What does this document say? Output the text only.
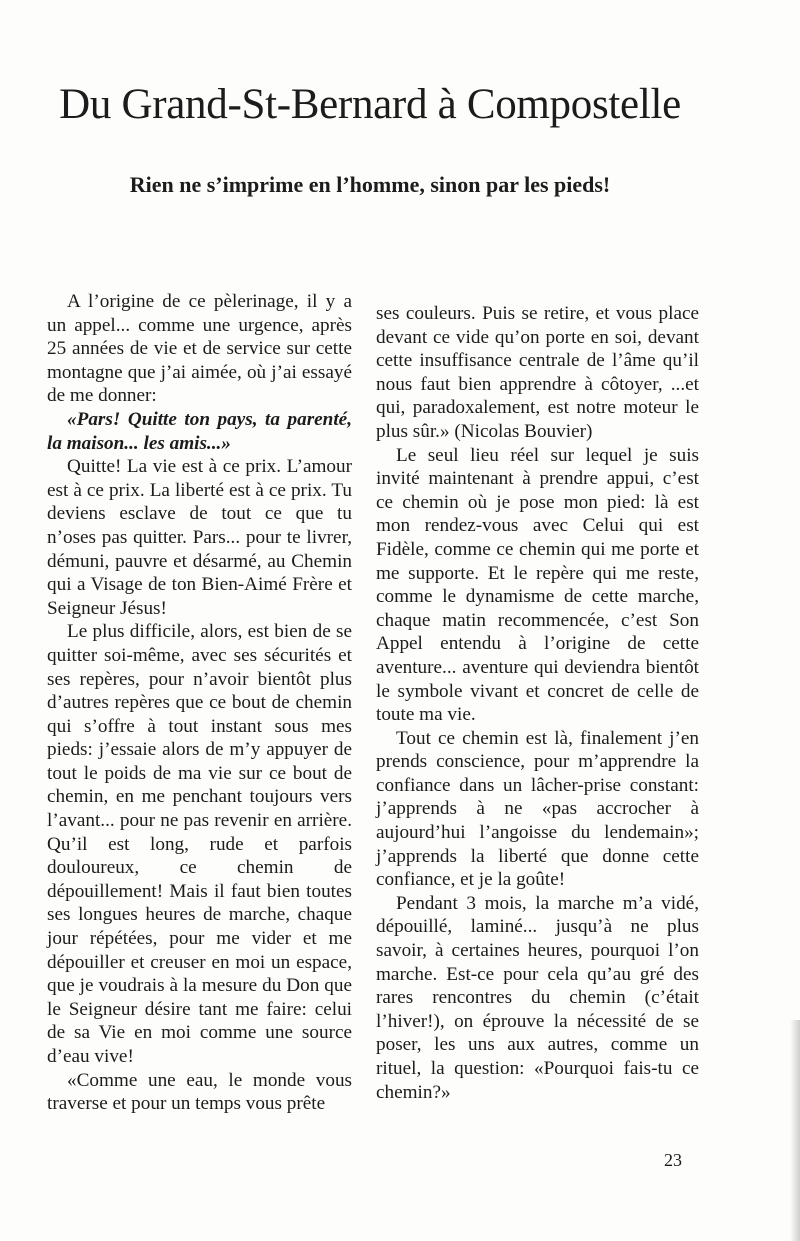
Du Grand-St-Bernard à Compostelle
Rien ne s’imprime en l’homme, sinon par les pieds!

A l’origine de ce pèlerinage, il y a un appel... comme une urgence, après 25 années de vie et de service sur cette montagne que j’ai aimée, où j’ai essayé de me donner:

«Pars! Quitte ton pays, ta parenté, la maison... les amis...»

Quitte! La vie est à ce prix. L’amour est à ce prix. La liberté est à ce prix. Tu deviens esclave de tout ce que tu n’oses pas quitter. Pars... pour te livrer, démuni, pauvre et désarmé, au Chemin qui a Visage de ton Bien-Aimé Frère et Seigneur Jésus!

Le plus difficile, alors, est bien de se quitter soi-même, avec ses sécurités et ses repères, pour n’avoir bientôt plus d’autres repères que ce bout de chemin qui s’offre à tout instant sous mes pieds: j’essaie alors de m’y appuyer de tout le poids de ma vie sur ce bout de chemin, en me penchant toujours vers l’avant... pour ne pas revenir en arrière. Qu’il est long, rude et parfois douloureux, ce chemin de dépouillement! Mais il faut bien toutes ses longues heures de marche, chaque jour répétées, pour me vider et me dépouiller et creuser en moi un espace, que je voudrais à la mesure du Don que le Seigneur désire tant me faire: celui de sa Vie en moi comme une source d’eau vive!

«Comme une eau, le monde vous traverse et pour un temps vous prête

ses couleurs. Puis se retire, et vous place devant ce vide qu’on porte en soi, devant cette insuffisance centrale de l’âme qu’il nous faut bien apprendre à côtoyer, ...et qui, paradoxalement, est notre moteur le plus sûr.» (Nicolas Bouvier)

Le seul lieu réel sur lequel je suis invité maintenant à prendre appui, c’est ce chemin où je pose mon pied: là est mon rendez-vous avec Celui qui est Fidèle, comme ce chemin qui me porte et me supporte. Et le repère qui me reste, comme le dynamisme de cette marche, chaque matin recommencée, c’est Son Appel entendu à l’origine de cette aventure... aventure qui deviendra bientôt le symbole vivant et concret de celle de toute ma vie.

Tout ce chemin est là, finalement j’en prends conscience, pour m’apprendre la confiance dans un lâcher-prise constant: j’apprends à ne «pas accrocher à aujourd’hui l’angoisse du lendemain»; j’apprends la liberté que donne cette confiance, et je la goûte!

Pendant 3 mois, la marche m’a vidé, dépouillé, laminé... jusqu’à ne plus savoir, à certaines heures, pourquoi l’on marche. Est-ce pour cela qu’au gré des rares rencontres du chemin (c’était l’hiver!), on éprouve la nécessité de se poser, les uns aux autres, comme un rituel, la question: «Pourquoi fais-tu ce chemin?»

23
